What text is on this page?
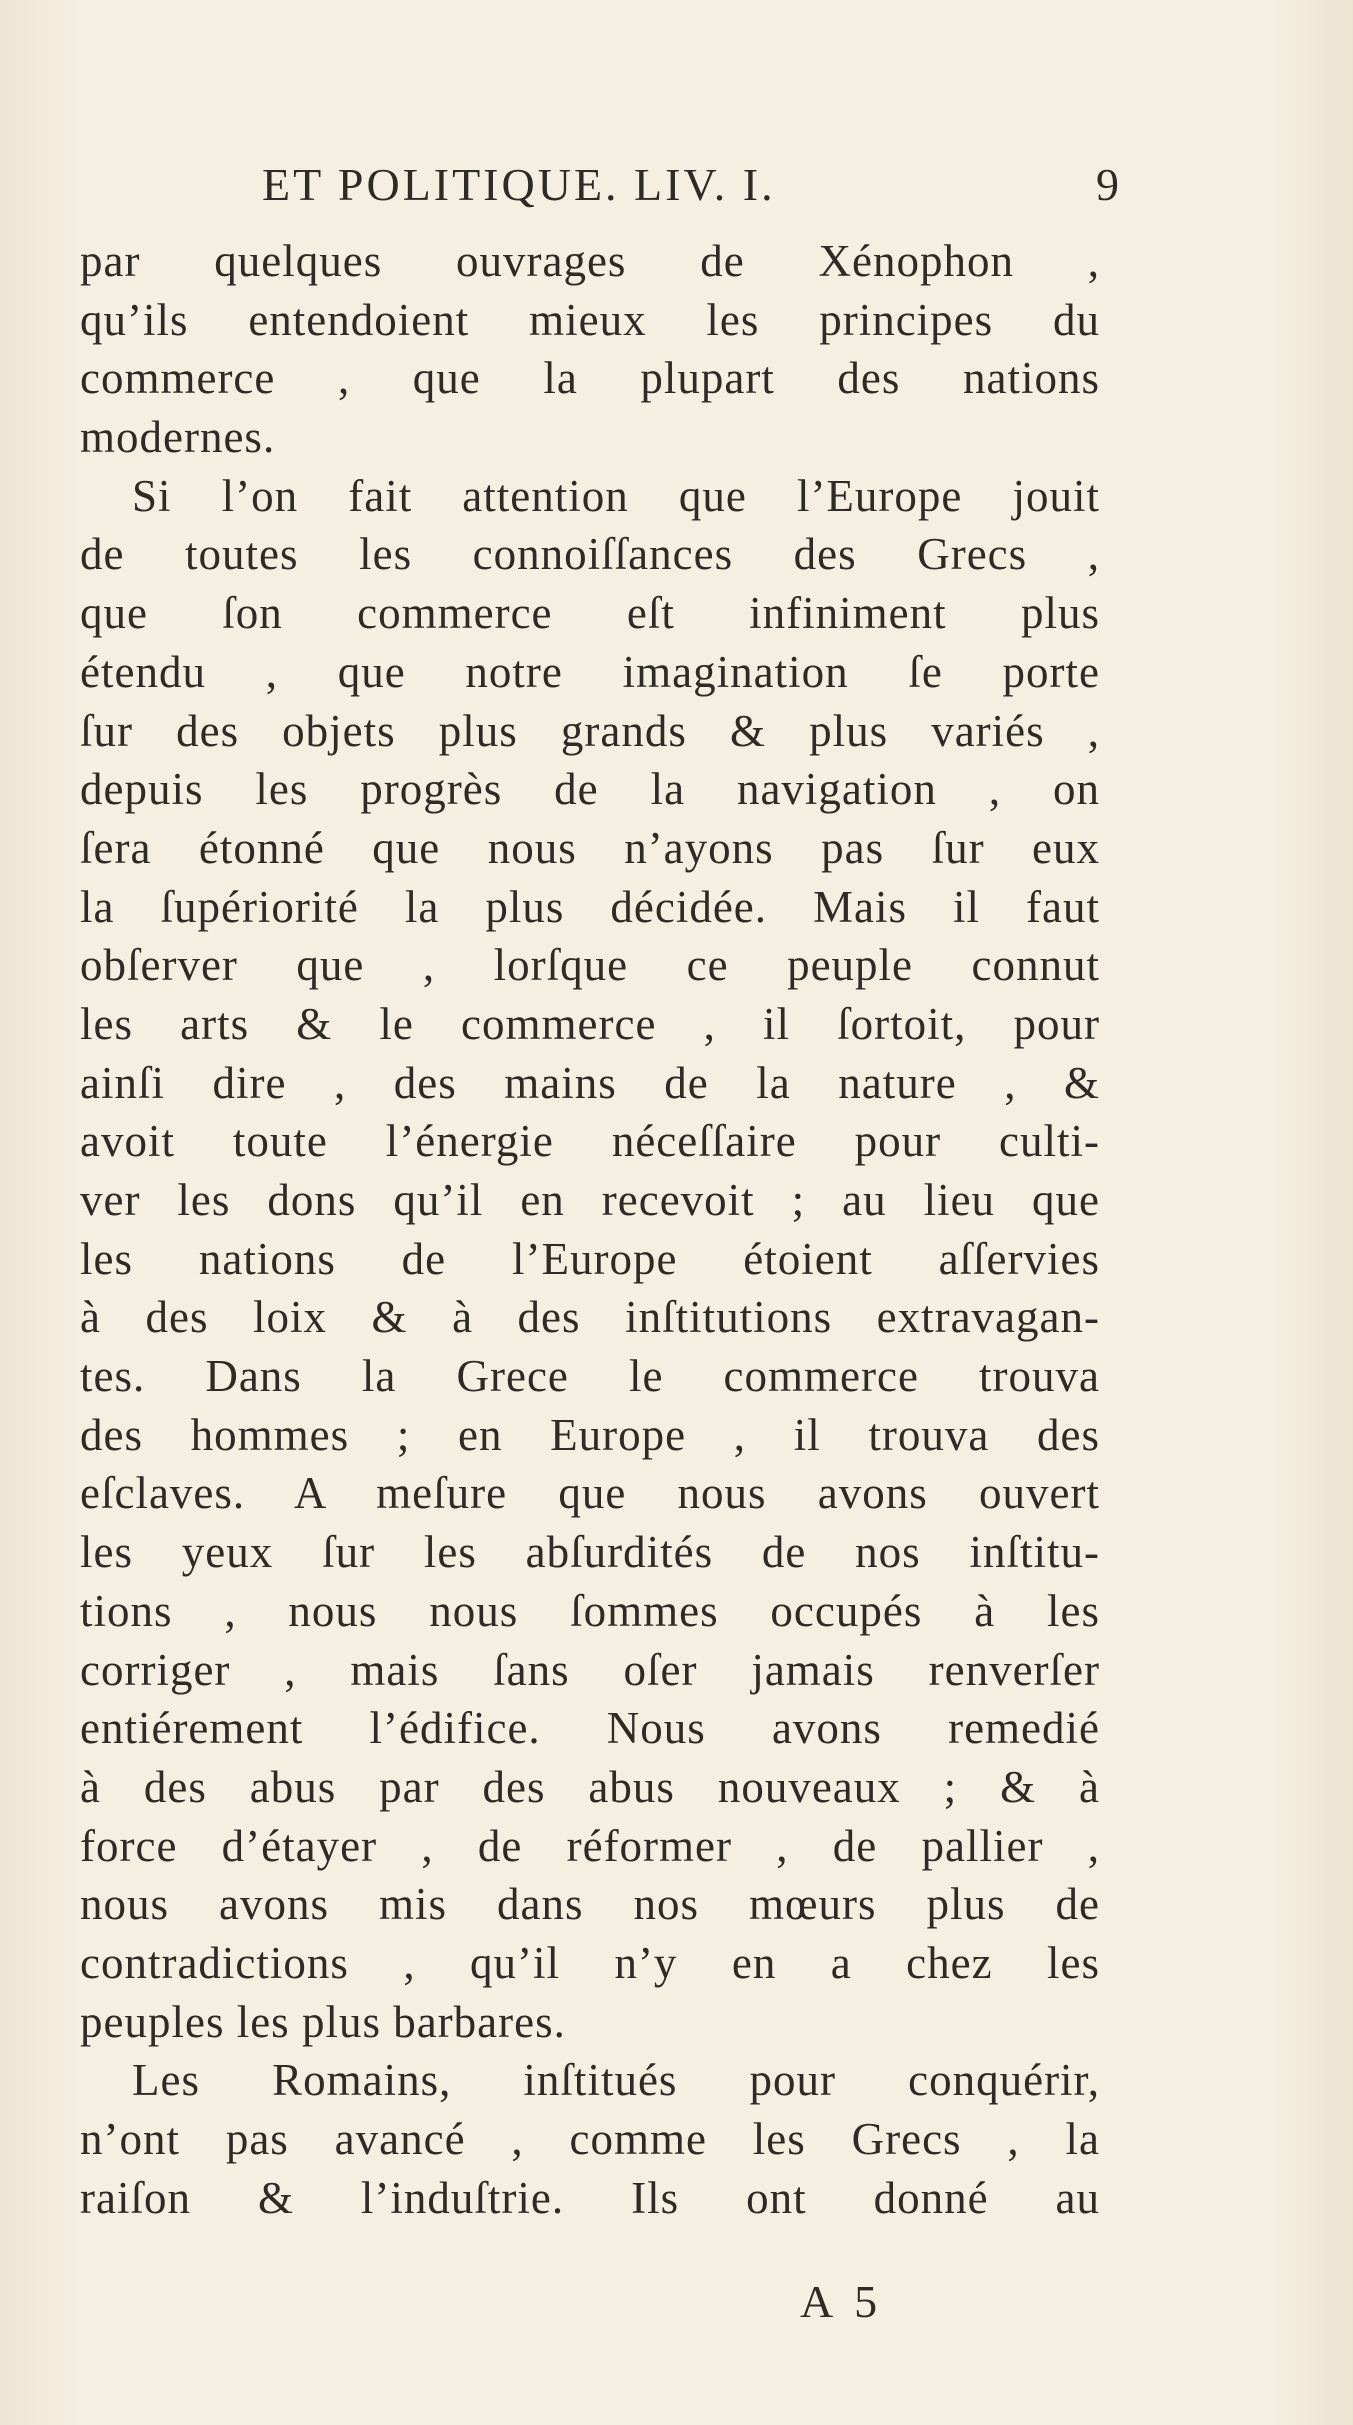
ET POLITIQUE. LIV. I.	9
par quelques ouvrages de Xénophon ,
qu’ils entendoient mieux les principes du
commerce , que la plupart des nations
modernes.
Si l’on fait attention que l’Europe jouit
de toutes les connoiſſances des Grecs ,
que ſon commerce eſt infiniment plus
étendu , que notre imagination ſe porte
ſur des objets plus grands & plus variés ,
depuis les progrès de la navigation , on
ſera étonné que nous n’ayons pas ſur eux
la ſupériorité la plus décidée. Mais il faut
obſerver que , lorſque ce peuple connut
les arts & le commerce , il ſortoit, pour
ainſi dire , des mains de la nature , &
avoit toute l’énergie néceſſaire pour culti-
ver les dons qu’il en recevoit ; au lieu que
les nations de l’Europe étoient aſſervies
à des loix & à des inſtitutions extravagan-
tes. Dans la Grece le commerce trouva
des hommes ; en Europe , il trouva des
eſclaves. A meſure que nous avons ouvert
les yeux ſur les abſurdités de nos inſtitu-
tions , nous nous ſommes occupés à les
corriger , mais ſans oſer jamais renverſer
entiérement l’édifice. Nous avons remedié
à des abus par des abus nouveaux ; & à
force d’étayer , de réformer , de pallier ,
nous avons mis dans nos mœurs plus de
contradictions , qu’il n’y en a chez les
peuples les plus barbares.
Les Romains, inſtitués pour conquérir,
n’ont pas avancé , comme les Grecs , la
raiſon & l’induſtrie. Ils ont donné au
A 5
